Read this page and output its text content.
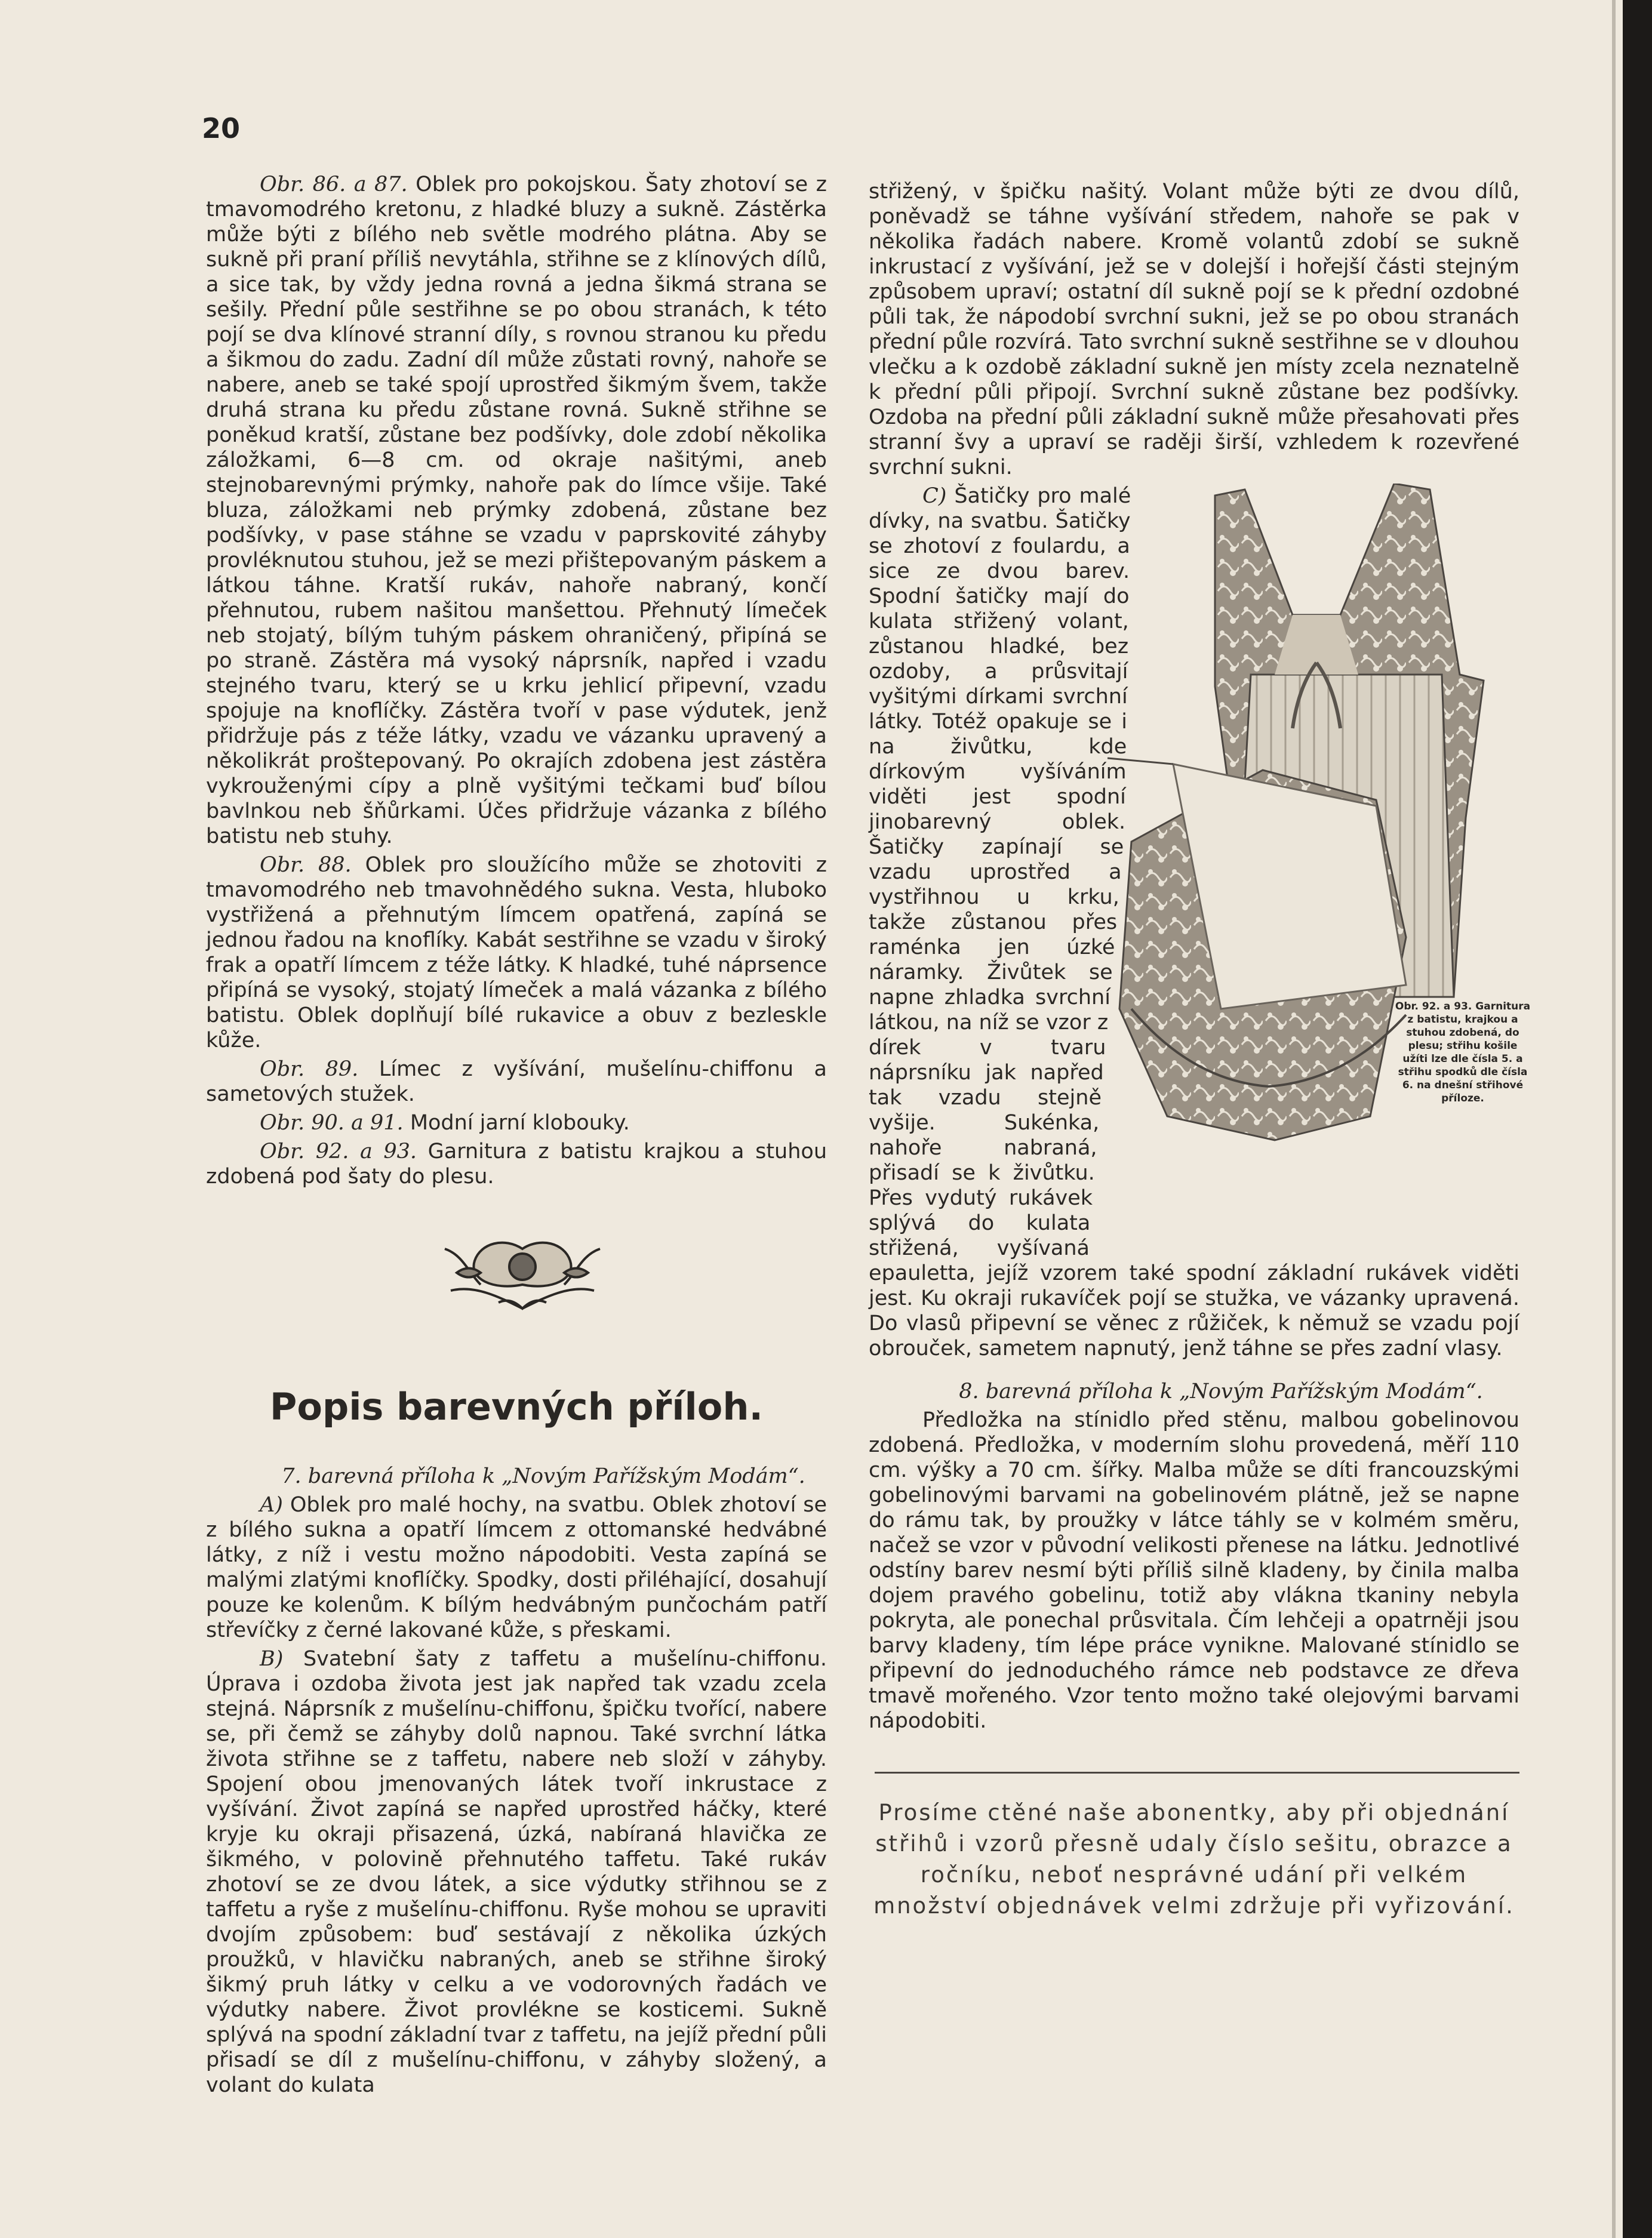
20

Obr. 86. a 87. Oblek pro pokojskou. Šaty zhotoví se z tmavomodrého kretonu, z hladké bluzy a sukně. Zástěrka může býti z bílého neb světle modrého plátna. Aby se sukně při praní příliš nevytáhla, střihne se z klínových dílů, a sice tak, by vždy jedna rovná a jedna šikmá strana se sešily. Přední půle sestřihne se po obou stranách, k této pojí se dva klínové stranní díly, s rovnou stranou ku předu a šikmou do zadu. Zadní díl může zůstati rovný, nahoře se nabere, aneb se také spojí uprostřed šikmým švem, takže druhá strana ku předu zůstane rovná. Sukně střihne se poněkud kratší, zůstane bez podšívky, dole zdobí několika záložkami, 6—8 cm. od okraje našitými, aneb stejnobarevnými prýmky, nahoře pak do límce všije. Také bluza, záložkami neb prýmky zdobená, zůstane bez podšívky, v pase stáhne se vzadu v paprskovité záhyby provléknutou stuhou, jež se mezi přištepovaným páskem a látkou táhne. Kratší rukáv, nahoře nabraný, končí přehnutou, rubem našitou manšettou. Přehnutý límeček neb stojatý, bílým tuhým páskem ohraničený, připíná se po straně. Zástěra má vysoký náprsník, napřed i vzadu stejného tvaru, který se u krku jehlicí připevní, vzadu spojuje na knoflíčky. Zástěra tvoří v pase výdutek, jenž přidržuje pás z téže látky, vzadu ve vázanku upravený a několikrát proštepovaný. Po okrajích zdobena jest zástěra vykrouženými cípy a plně vyšitými tečkami buď bílou bavlnkou neb šňůrkami. Účes přidržuje vázanka z bílého batistu neb stuhy.

Obr. 88. Oblek pro sloužícího může se zhotoviti z tmavomodrého neb tmavohnědého sukna. Vesta, hluboko vystřižená a přehnutým límcem opatřená, zapíná se jednou řadou na knoflíky. Kabát sestřihne se vzadu v široký frak a opatří límcem z téže látky. K hladké, tuhé náprsence připíná se vysoký, stojatý límeček a malá vázanka z bílého batistu. Oblek doplňují bílé rukavice a obuv z bezleskle kůže.

Obr. 89. Límec z vyšívání, mušelínu-chiffonu a sametových stužek.

Obr. 90. a 91. Modní jarní klobouky.

Obr. 92. a 93. Garnitura z batistu krajkou a stuhou zdobená pod šaty do plesu.

Popis barevných příloh.

7. barevná příloha k „Novým Pařížským Modám“.

A) Oblek pro malé hochy, na svatbu. Oblek zhotoví se z bílého sukna a opatří límcem z ottomanské hedvábné látky, z níž i vestu možno nápodobiti. Vesta zapíná se malými zlatými knoflíčky. Spodky, dosti přiléhající, dosahují pouze ke kolenům. K bílým hedvábným punčochám patří střevíčky z černé lakované kůže, s přeskami.

B) Svatební šaty z taffetu a mušelínu-chiffonu. Úprava i ozdoba života jest jak napřed tak vzadu zcela stejná. Náprsník z mušelínu-chiffonu, špičku tvořící, nabere se, při čemž se záhyby dolů napnou. Také svrchní látka života střihne se z taffetu, nabere neb složí v záhyby. Spojení obou jmenovaných látek tvoří inkrustace z vyšívání. Život zapíná se napřed uprostřed háčky, které kryje ku okraji přisazená, úzká, nabíraná hlavička ze šikmého, v polovině přehnutého taffetu. Také rukáv zhotoví se ze dvou látek, a sice výdutky střihnou se z taffetu a ryše z mušelínu-chiffonu. Ryše mohou se upraviti dvojím způsobem: buď sestávají z několika úzkých proužků, v hlavičku nabraných, aneb se střihne široký šikmý pruh látky v celku a ve vodorovných řadách ve výdutky nabere. Život provlékne se kosticemi. Sukně splývá na spodní základní tvar z taffetu, na jejíž přední půli přisadí se díl z mušelínu-chiffonu, v záhyby složený, a volant do kulata

střižený, v špičku našitý. Volant může býti ze dvou dílů, poněvadž se táhne vyšívání středem, nahoře se pak v několika řadách nabere. Kromě volantů zdobí se sukně inkrustací z vyšívání, jež se v dolejší i hořejší části stejným způsobem upraví; ostatní díl sukně pojí se k přední ozdobné půli tak, že nápodobí svrchní sukni, jež se po obou stranách přední půle rozvírá. Tato svrchní sukně sestřihne se v dlouhou vlečku a k ozdobě základní sukně jen místy zcela neznatelně k přední půli připojí. Svrchní sukně zůstane bez podšívky. Ozdoba na přední půli základní sukně může přesahovati přes stranní švy a upraví se raději širší, vzhledem k rozevřené svrchní sukni.

Obr. 92. a 93. Garnitura z batistu, krajkou a stuhou zdobená, do plesu; střihu košile užíti lze dle čísla 5. a střihu spodků dle čísla 6. na dnešní střihové příloze.

C) Šatičky pro malé dívky, na svatbu. Šatičky se zhotoví z foulardu, a sice ze dvou barev. Spodní šatičky mají do kulata střižený volant, zůstanou hladké, bez ozdoby, a průsvitají vyšitými dírkami svrchní látky. Totéž opakuje se i na živůtku, kde dírkovým vyšíváním viděti jest spodní jinobarevný oblek. Šatičky zapínají se vzadu uprostřed a vystřihnou u krku, takže zůstanou přes raménka jen úzké náramky. Živůtek se napne zhladka svrchní látkou, na níž se vzor z dírek v tvaru náprsníku jak napřed tak vzadu stejně vyšije. Sukénka, nahoře nabraná, přisadí se k živůtku. Přes vydutý rukávek splývá do kulata střižená, vyšívaná epauletta, jejíž vzorem také spodní základní rukávek viděti jest. Ku okraji rukavíček pojí se stužka, ve vázanky upravená. Do vlasů připevní se věnec z růžiček, k němuž se vzadu pojí obrouček, sametem napnutý, jenž táhne se přes zadní vlasy.

8. barevná příloha k „Novým Pařížským Modám“.

Předložka na stínidlo před stěnu, malbou gobelinovou zdobená. Předložka, v moderním slohu provedená, měří 110 cm. výšky a 70 cm. šířky. Malba může se díti francouzskými gobelinovými barvami na gobelinovém plátně, jež se napne do rámu tak, by proužky v látce táhly se v kolmém směru, načež se vzor v původní velikosti přenese na látku. Jednotlivé odstíny barev nesmí býti příliš silně kladeny, by činila malba dojem pravého gobelinu, totiž aby vlákna tkaniny nebyla pokryta, ale ponechal průsvitala. Čím lehčeji a opatrněji jsou barvy kladeny, tím lépe práce vynikne. Malované stínidlo se připevní do jednoduchého rámce neb podstavce ze dřeva tmavě mořeného. Vzor tento možno také olejovými barvami nápodobiti.

Prosíme ctěné naše abonentky, aby při objednání střihů i vzorů přesně udaly číslo sešitu, obrazce a ročníku, neboť nesprávné udání při velkém množství objednávek velmi zdržuje při vyřizování.
